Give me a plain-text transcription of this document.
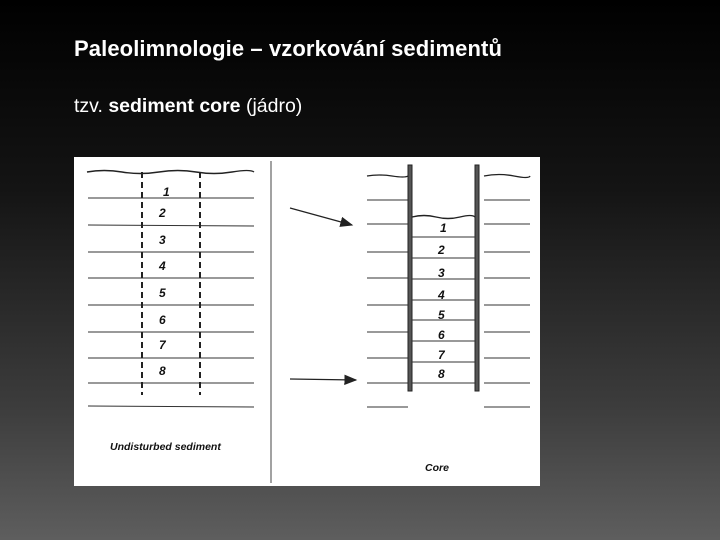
Paleolimnologie – vzorkování sedimentů
tzv. sediment core (jádro)
1
2
3
4
5
6
7
8
Undisturbed sediment
1
2
3
4
5
6
7
8
Core
